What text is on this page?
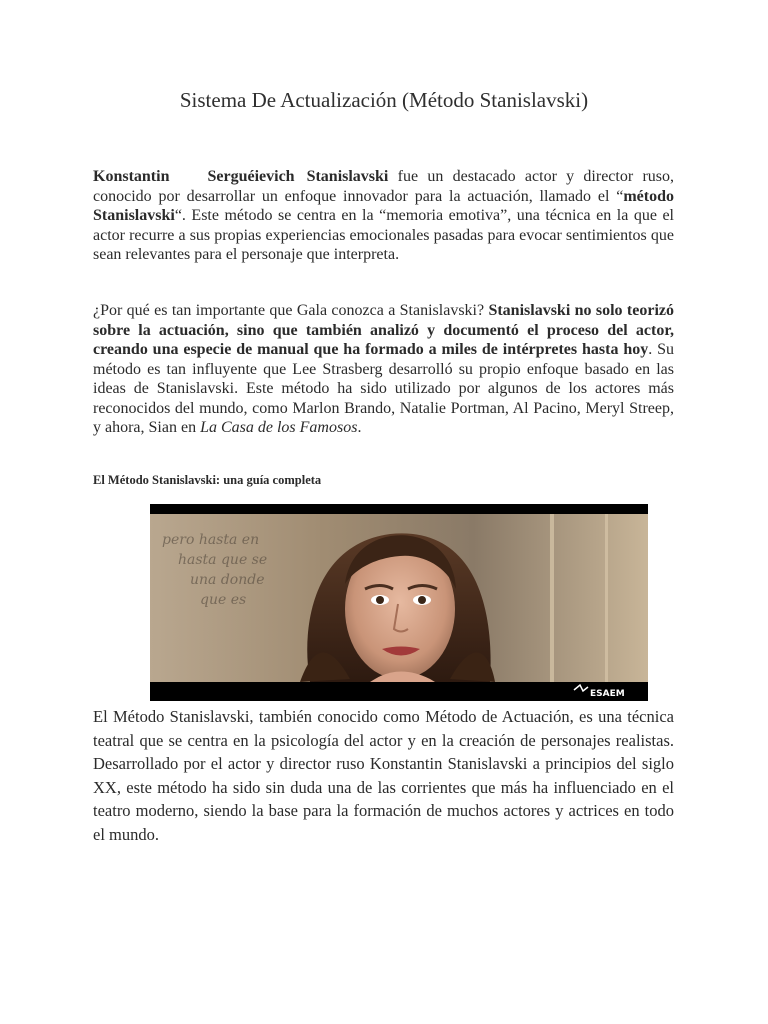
Sistema De Actualización (Método Stanislavski)

Konstantin Serguéievich Stanislavski fue un destacado actor y director ruso, conocido por desarrollar un enfoque innovador para la actuación, llamado el “método Stanislavski“. Este método se centra en la “memoria emotiva”, una técnica en la que el actor recurre a sus propias experiencias emocionales pasadas para evocar sentimientos que sean relevantes para el personaje que interpreta.

¿Por qué es tan importante que Gala conozca a Stanislavski? Stanislavski no solo teorizó sobre la actuación, sino que también analizó y documentó el proceso del actor, creando una especie de manual que ha formado a miles de intérpretes hasta hoy. Su método es tan influyente que Lee Strasberg desarrolló su propio enfoque basado en las ideas de Stanislavski. Este método ha sido utilizado por algunos de los actores más reconocidos del mundo, como Marlon Brando, Natalie Portman, Al Pacino, Meryl Streep, y ahora, Sian en La Casa de los Famosos.

El Método Stanislavski: una guía completa

pero hasta en
hasta que se
una donde
que es
ESAEM

El Método Stanislavski, también conocido como Método de Actuación, es una técnica teatral que se centra en la psicología del actor y en la creación de personajes realistas. Desarrollado por el actor y director ruso Konstantin Stanislavski a principios del siglo XX, este método ha sido sin duda una de las corrientes que más ha influenciado en el teatro moderno, siendo la base para la formación de muchos actores y actrices en todo el mundo.
